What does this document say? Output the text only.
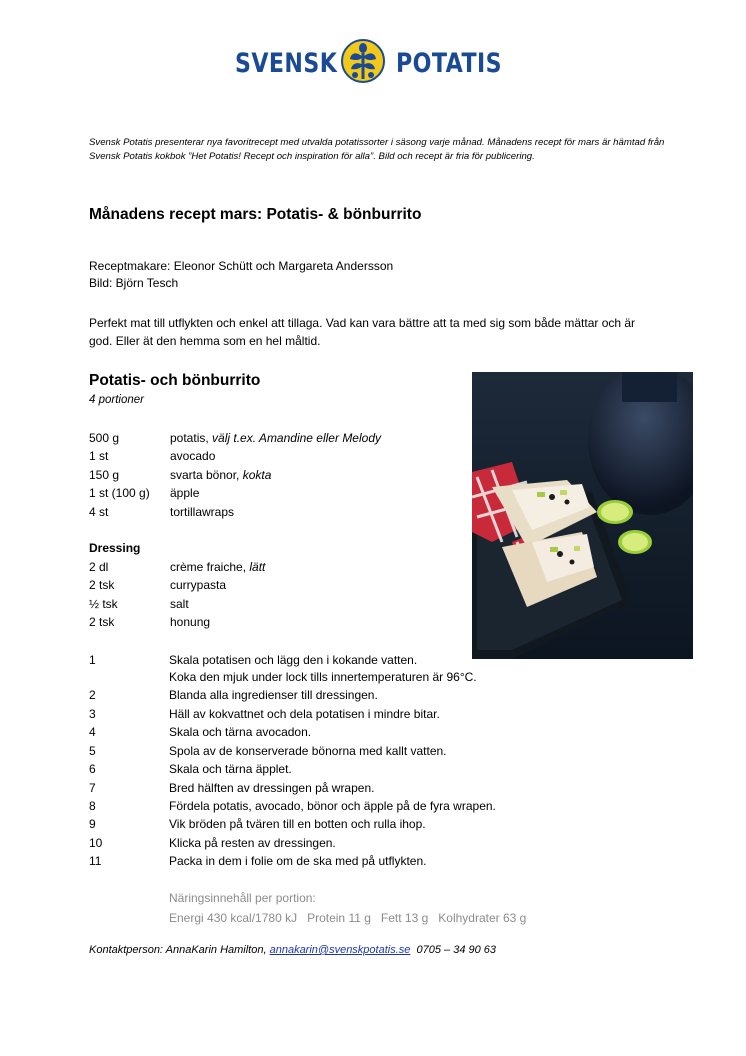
SVENSK POTATIS
Svensk Potatis presenterar nya favoritrecept med utvalda potatissorter i säsong varje månad. Månadens recept för mars är hämtad från Svensk Potatis kokbok ”Het Potatis! Recept och inspiration för alla”. Bild och recept är fria för publicering.
Månadens recept mars: Potatis- & bönburrito
Receptmakare: Eleonor Schütt och Margareta Andersson
Bild: Björn Tesch
Perfekt mat till utflykten och enkel att tillaga. Vad kan vara bättre att ta med sig som både mättar och är god. Eller ät den hemma som en hel måltid.
Potatis- och bönburrito
4 portioner
500 g	potatis, välj t.ex. Amandine eller Melody
1 st	avocado
150 g	svarta bönor, kokta
1 st (100 g) äpple
4 st	tortillawraps
Dressing
2 dl	crème fraiche, lätt
2 tsk	currypasta
½ tsk	salt
2 tsk	honung
1	Skala potatisen och lägg den i kokande vatten.
Koka den mjuk under lock tills innertemperaturen är 96°C.
2	Blanda alla ingredienser till dressingen.
3	Häll av kokvattnet och dela potatisen i mindre bitar.
4	Skala och tärna avocadon.
5	Spola av de konserverade bönorna med kallt vatten.
6	Skala och tärna äpplet.
7	Bred hälften av dressingen på wrapen.
8	Fördela potatis, avocado, bönor och äpple på de fyra wrapen.
9	Vik bröden på tvären till en botten och rulla ihop.
10	Klicka på resten av dressingen.
11	Packa in dem i folie om de ska med på utflykten.
Näringsinnehåll per portion:
Energi 430 kcal/1780 kJ   Protein 11 g   Fett 13 g   Kolhydrater 63 g
Kontaktperson: AnnaKarin Hamilton, annakarin@svenskpotatis.se  0705 – 34 90 63
